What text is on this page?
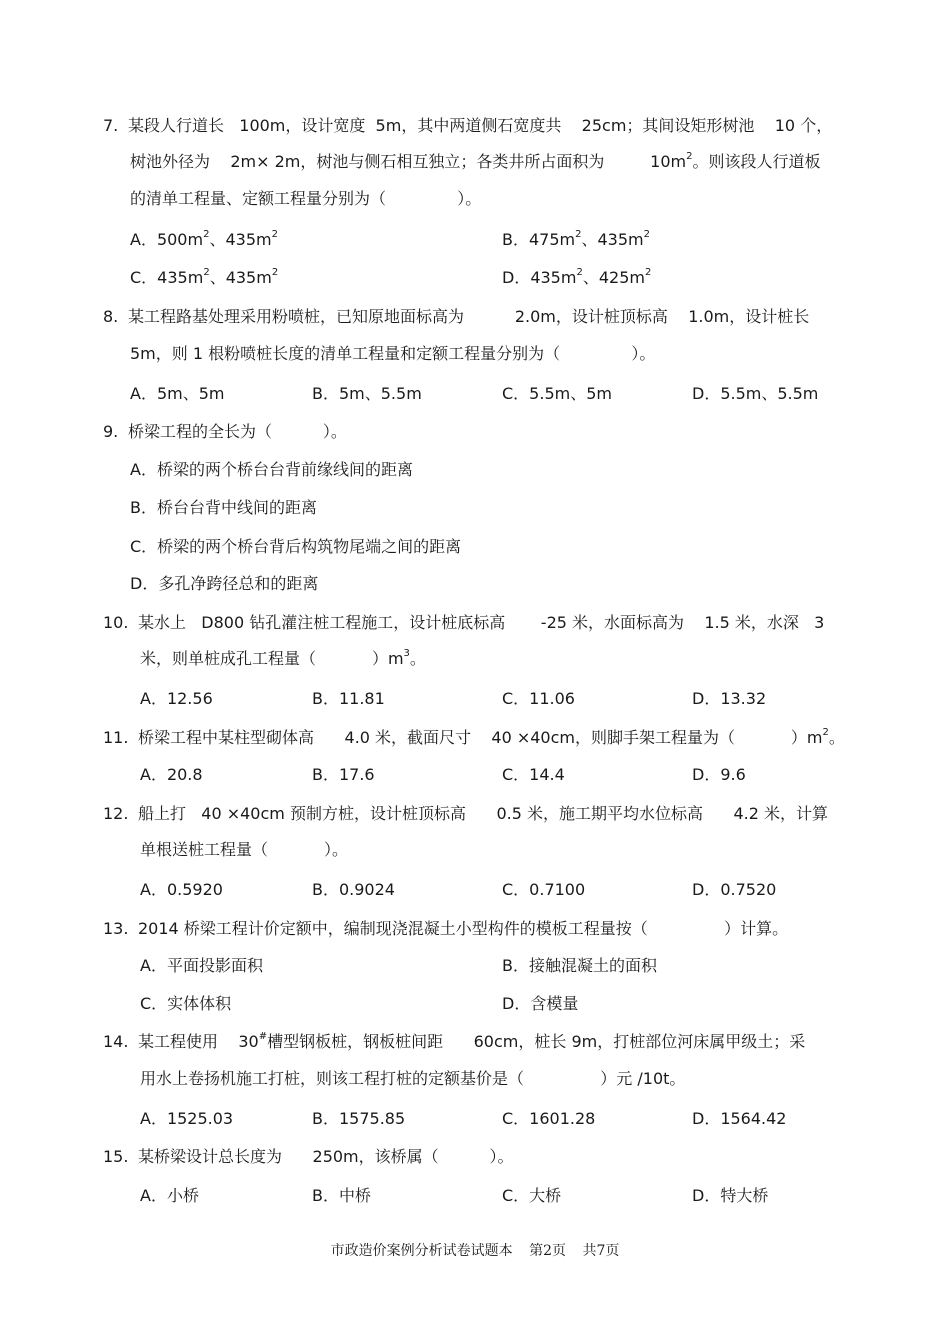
7. 某段人行道长   100m，设计宽度  5m，其中两道侧石宽度共    25cm；其间设矩形树池    10 个，
树池外径为    2m× 2m，树池与侧石相互独立；各类井所占面积为         $10m^2$。则该段人行道板
的清单工程量、定额工程量分别为（              ）。
A．$500m^2$、$435m^2$	B．$475m^2$、$435m^2$
C．$435m^2$、$435m^2$	D．$435m^2$、$425m^2$
8. 某工程路基处理采用粉喷桩，已知原地面标高为          2.0m，设计桩顶标高    1.0m，设计桩长
5m，则 1 根粉喷桩长度的清单工程量和定额工程量分别为（              ）。
A．5m、5m	B．5m、5.5m	C．5.5m、5m	D．5.5m、5.5m
9. 桥梁工程的全长为（          ）。
A．桥梁的两个桥台台背前缘线间的距离
B．桥台台背中线间的距离
C．桥梁的两个桥台背后构筑物尾端之间的距离
D．多孔净跨径总和的距离
10. 某水上   D800 钻孔灌注桩工程施工，设计桩底标高       -25 米，水面标高为    1.5 米，水深   3
米，则单桩成孔工程量（           ）$m^3$。
A．12.56	B．11.81	C．11.06	D．13.32
11. 桥梁工程中某柱型砌体高      4.0 米，截面尺寸    40 ×40cm，则脚手架工程量为（           ）$m^2$。
A．20.8	B．17.6	C．14.4	D．9.6
12. 船上打   40 ×40cm 预制方桩，设计桩顶标高      0.5 米，施工期平均水位标高      4.2 米，计算
单根送桩工程量（           ）。
A．0.5920	B．0.9024	C．0.7100	D．0.7520
13. 2014 桥梁工程计价定额中，编制现浇混凝土小型构件的模板工程量按（               ）计算。
A．平面投影面积	B．接触混凝土的面积
C．实体体积	D．含模量
14. 某工程使用    30#槽型钢板桩，钢板桩间距      60cm，桩长 9m，打桩部位河床属甲级土；采
用水上卷扬机施工打桩，则该工程打桩的定额基价是（               ）元 /10t。
A．1525.03	B．1575.85	C．1601.28	D．1564.42
15. 某桥梁设计总长度为      250m，该桥属（          ）。
A．小桥	B．中桥	C．大桥	D．特大桥
市政造价案例分析试卷试题本 第2页 共7页
